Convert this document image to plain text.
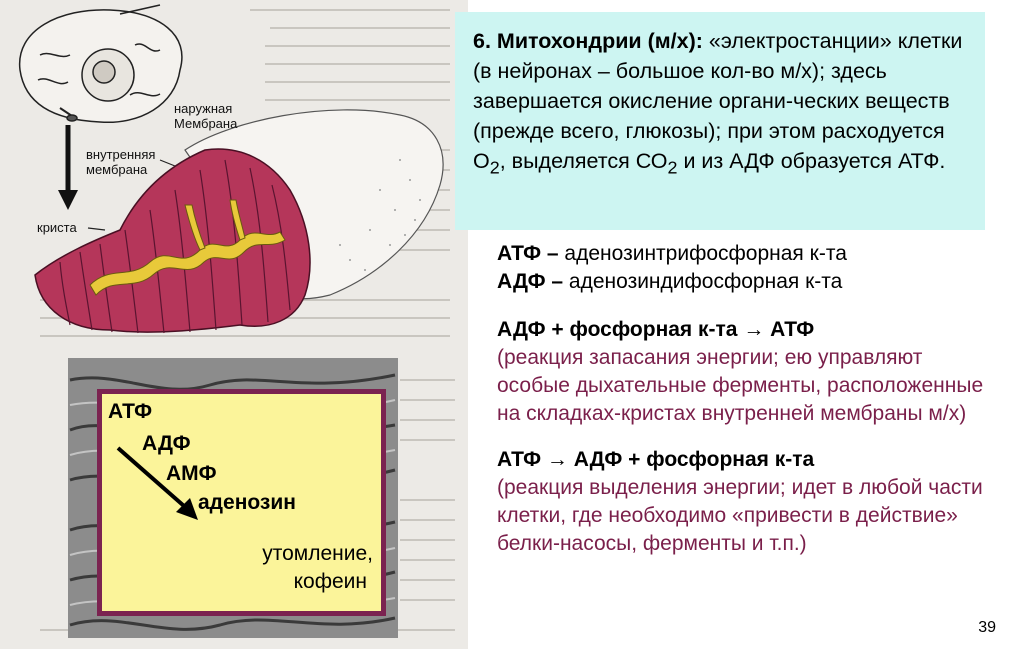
наружная
Мембрана
внутренняя
мембрана
криста
6. Митохондрии (м/х): «электростанции» клетки (в нейронах – большое кол-во м/х); здесь завершается окисление органи-ческих веществ (прежде всего, глюкозы); при этом расходуется $О_2$, выделяется $СО_2$ и из АДФ образуется АТФ.
АТФ – аденозинтрифосфорная к-та
АДФ – аденозиндифосфорная к-та
АДФ + фосфорная к-та → АТФ
(реакция запасания энергии; ею управляют особые дыхательные ферменты, расположенные на складках-кристах внутренней мембраны м/х)
АТФ → АДФ + фосфорная к-та
(реакция выделения энергии; идет в любой части клетки, где необходимо «привести в действие» белки-насосы, ферменты и т.п.)
АТФ
АДФ
АМФ
аденозин
утомление,
кофеин
39
